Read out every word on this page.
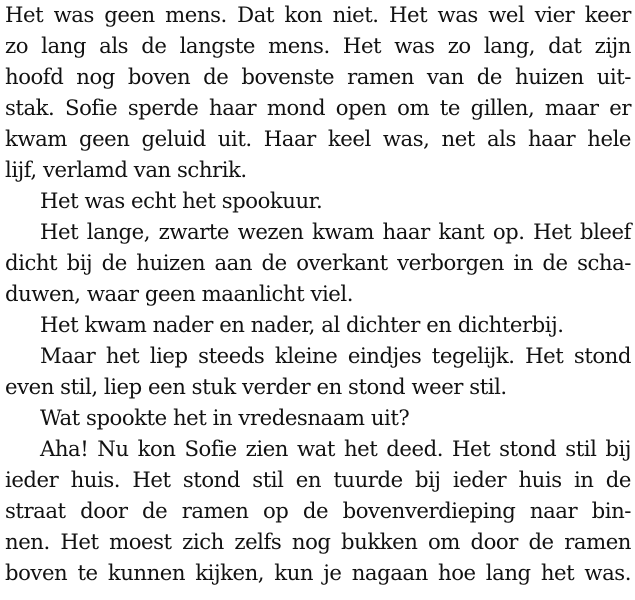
Het was geen mens. Dat kon niet. Het was wel vier keer
zo lang als de langste mens. Het was zo lang, dat zijn
hoofd nog boven de bovenste ramen van de huizen uit-
stak. Sofie sperde haar mond open om te gillen, maar er
kwam geen geluid uit. Haar keel was, net als haar hele
lijf, verlamd van schrik.
Het was echt het spookuur.
Het lange, zwarte wezen kwam haar kant op. Het bleef
dicht bij de huizen aan de overkant verborgen in de scha-
duwen, waar geen maanlicht viel.
Het kwam nader en nader, al dichter en dichterbij.
Maar het liep steeds kleine eindjes tegelijk. Het stond
even stil, liep een stuk verder en stond weer stil.
Wat spookte het in vredesnaam uit?
Aha! Nu kon Sofie zien wat het deed. Het stond stil bij
ieder huis. Het stond stil en tuurde bij ieder huis in de
straat door de ramen op de bovenverdieping naar bin-
nen. Het moest zich zelfs nog bukken om door de ramen
boven te kunnen kijken, kun je nagaan hoe lang het was.
